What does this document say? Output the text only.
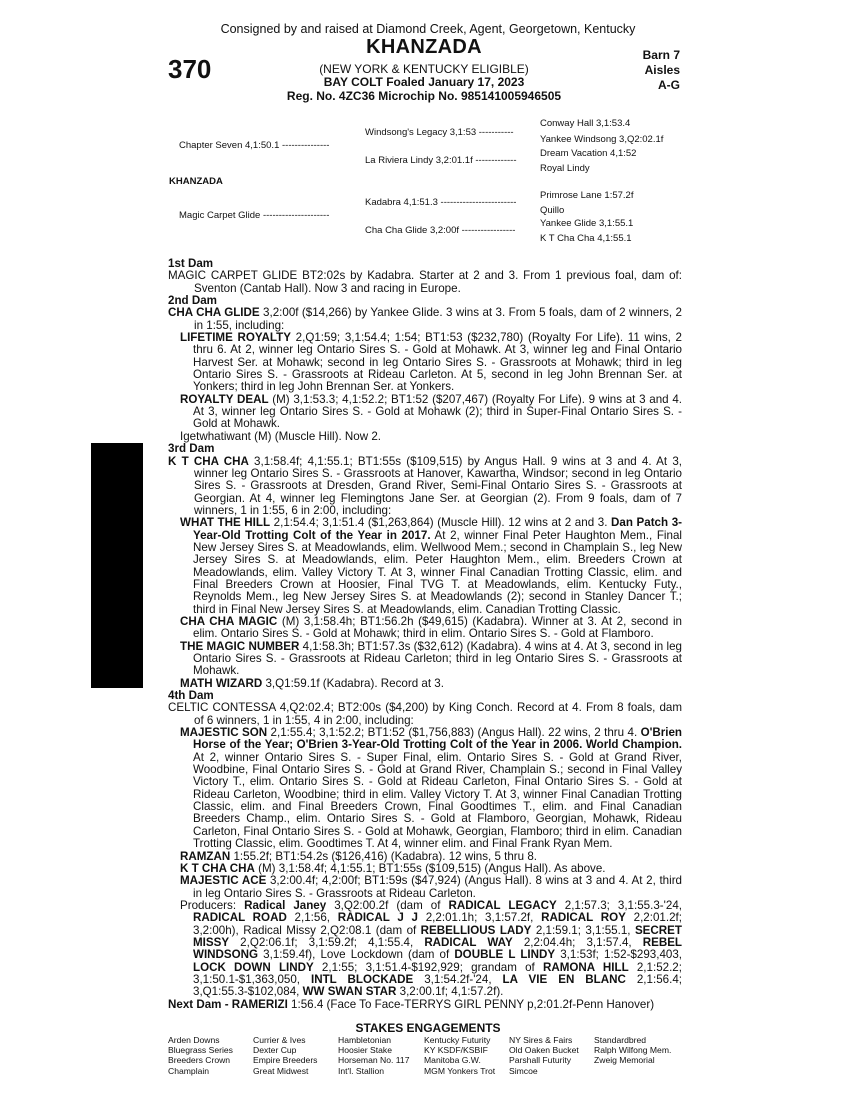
Consigned by and raised at Diamond Creek, Agent, Georgetown, Kentucky
370
KHANZADA
(NEW YORK & KENTUCKY ELIGIBLE)
BAY COLT Foaled January 17, 2023
Reg. No. 4ZC36 Microchip No. 985141005946505
Barn 7
Aisles
A-G
Chapter Seven 4,1:50.1 ---------------
KHANZADA
Magic Carpet Glide ---------------------
Windsong's Legacy 3,1:53 -----------
La Riviera Lindy 3,2:01.1f -------------
Kadabra 4,1:51.3 ------------------------
Cha Cha Glide 3,2:00f -----------------
Conway Hall 3,1:53.4
Yankee Windsong 3,Q2:02.1f
Dream Vacation 4,1:52
Royal Lindy
Primrose Lane 1:57.2f
Quillo
Yankee Glide 3,1:55.1
K T Cha Cha 4,1:55.1

1st Dam

MAGIC CARPET GLIDE BT2:02s by Kadabra. Starter at 2 and 3. From 1 previous foal, dam of: Sventon (Cantab Hall). Now 3 and racing in Europe.

2nd Dam

CHA CHA GLIDE 3,2:00f ($14,266) by Yankee Glide. 3 wins at 3. From 5 foals, dam of 2 winners, 2 in 1:55, including:

LIFETIME ROYALTY 2,Q1:59; 3,1:54.4; 1:54; BT1:53 ($232,780) (Royalty For Life). 11 wins, 2 thru 6. At 2, winner leg Ontario Sires S. - Gold at Mohawk. At 3, winner leg and Final Ontario Harvest Ser. at Mohawk; second in leg Ontario Sires S. - Grassroots at Mohawk; third in leg Ontario Sires S. - Grassroots at Rideau Carleton. At 5, second in leg John Brennan Ser. at Yonkers; third in leg John Brennan Ser. at Yonkers.

ROYALTY DEAL (M) 3,1:53.3; 4,1:52.2; BT1:52 ($207,467) (Royalty For Life). 9 wins at 3 and 4. At 3, winner leg Ontario Sires S. - Gold at Mohawk (2); third in Super-Final Ontario Sires S. - Gold at Mohawk.

Igetwhatiwant (M) (Muscle Hill). Now 2.

3rd Dam

K T CHA CHA 3,1:58.4f; 4,1:55.1; BT1:55s ($109,515) by Angus Hall. 9 wins at 3 and 4. At 3, winner leg Ontario Sires S. - Grassroots at Hanover, Kawartha, Windsor; second in leg Ontario Sires S. - Grassroots at Dresden, Grand River, Semi-Final Ontario Sires S. - Grassroots at Georgian. At 4, winner leg Flemingtons Jane Ser. at Georgian (2). From 9 foals, dam of 7 winners, 1 in 1:55, 6 in 2:00, including:

WHAT THE HILL 2,1:54.4; 3,1:51.4 ($1,263,864) (Muscle Hill). 12 wins at 2 and 3. Dan Patch 3-Year-Old Trotting Colt of the Year in 2017. At 2, winner Final Peter Haughton Mem., Final New Jersey Sires S. at Meadowlands, elim. Wellwood Mem.; second in Champlain S., leg New Jersey Sires S. at Meadowlands, elim. Peter Haughton Mem., elim. Breeders Crown at Meadowlands, elim. Valley Victory T. At 3, winner Final Canadian Trotting Classic, elim. and Final Breeders Crown at Hoosier, Final TVG T. at Meadowlands, elim. Kentucky Futy., Reynolds Mem., leg New Jersey Sires S. at Meadowlands (2); second in Stanley Dancer T.; third in Final New Jersey Sires S. at Meadowlands, elim. Canadian Trotting Classic.

CHA CHA MAGIC (M) 3,1:58.4h; BT1:56.2h ($49,615) (Kadabra). Winner at 3. At 2, second in elim. Ontario Sires S. - Gold at Mohawk; third in elim. Ontario Sires S. - Gold at Flamboro.

THE MAGIC NUMBER 4,1:58.3h; BT1:57.3s ($32,612) (Kadabra). 4 wins at 4. At 3, second in leg Ontario Sires S. - Grassroots at Rideau Carleton; third in leg Ontario Sires S. - Grassroots at Mohawk.

MATH WIZARD 3,Q1:59.1f (Kadabra). Record at 3.

4th Dam

CELTIC CONTESSA 4,Q2:02.4; BT2:00s ($4,200) by King Conch. Record at 4. From 8 foals, dam of 6 winners, 1 in 1:55, 4 in 2:00, including:

MAJESTIC SON 2,1:55.4; 3,1:52.2; BT1:52 ($1,756,883) (Angus Hall). 22 wins, 2 thru 4. O'Brien Horse of the Year; O'Brien 3-Year-Old Trotting Colt of the Year in 2006. World Champion. At 2, winner Ontario Sires S. - Super Final, elim. Ontario Sires S. - Gold at Grand River, Woodbine, Final Ontario Sires S. - Gold at Grand River, Champlain S.; second in Final Valley Victory T., elim. Ontario Sires S. - Gold at Rideau Carleton, Final Ontario Sires S. - Gold at Rideau Carleton, Woodbine; third in elim. Valley Victory T. At 3, winner Final Canadian Trotting Classic, elim. and Final Breeders Crown, Final Goodtimes T., elim. and Final Canadian Breeders Champ., elim. Ontario Sires S. - Gold at Flamboro, Georgian, Mohawk, Rideau Carleton, Final Ontario Sires S. - Gold at Mohawk, Georgian, Flamboro; third in elim. Canadian Trotting Classic, elim. Goodtimes T. At 4, winner elim. and Final Frank Ryan Mem.

RAMZAN 1:55.2f; BT1:54.2s ($126,416) (Kadabra). 12 wins, 5 thru 8.

K T CHA CHA (M) 3,1:58.4f; 4,1:55.1; BT1:55s ($109,515) (Angus Hall). As above.

MAJESTIC ACE 3,2:00.4f; 4,2:00f; BT1:59s ($47,924) (Angus Hall). 8 wins at 3 and 4. At 2, third in leg Ontario Sires S. - Grassroots at Rideau Carleton.

Producers: Radical Janey 3,Q2:00.2f (dam of RADICAL LEGACY 2,1:57.3; 3,1:55.3-'24, RADICAL ROAD 2,1:56, RADICAL J J 2,2:01.1h; 3,1:57.2f, RADICAL ROY 2,2:01.2f; 3,2:00h), Radical Missy 2,Q2:08.1 (dam of REBELLIOUS LADY 2,1:59.1; 3,1:55.1, SECRET MISSY 2,Q2:06.1f; 3,1:59.2f; 4,1:55.4, RADICAL WAY 2,2:04.4h; 3,1:57.4, REBEL WINDSONG 3,1:59.4f), Love Lockdown (dam of DOUBLE L LINDY 3,1:53f; 1:52-$293,403, LOCK DOWN LINDY 2,1:55; 3,1:51.4-$192,929; grandam of RAMONA HILL 2,1:52.2; 3,1:50.1-$1,363,050, INTL BLOCKADE 3,1:54.2f-'24, LA VIE EN BLANC 2,1:56.4; 3,Q1:55.3-$102,084, WW SWAN STAR 3,2:00.1f; 4,1:57.2f).

Next Dam - RAMERIZI 1:56.4 (Face To Face-TERRYS GIRL PENNY p,2:01.2f-Penn Hanover)

STAKES ENGAGEMENTS
Arden Downs
Bluegrass Series
Breeders Crown
Champlain
Currier & Ives
Dexter Cup
Empire Breeders
Great Midwest
Hambletonian
Hoosier Stake
Horseman No. 117
Int'l. Stallion
Kentucky Futurity
KY KSDF/KSBIF
Manitoba G.W.
MGM Yonkers Trot
NY Sires & Fairs
Old Oaken Bucket
Parshall Futurity
Simcoe
Standardbred
Ralph Wilfong Mem.
Zweig Memorial
